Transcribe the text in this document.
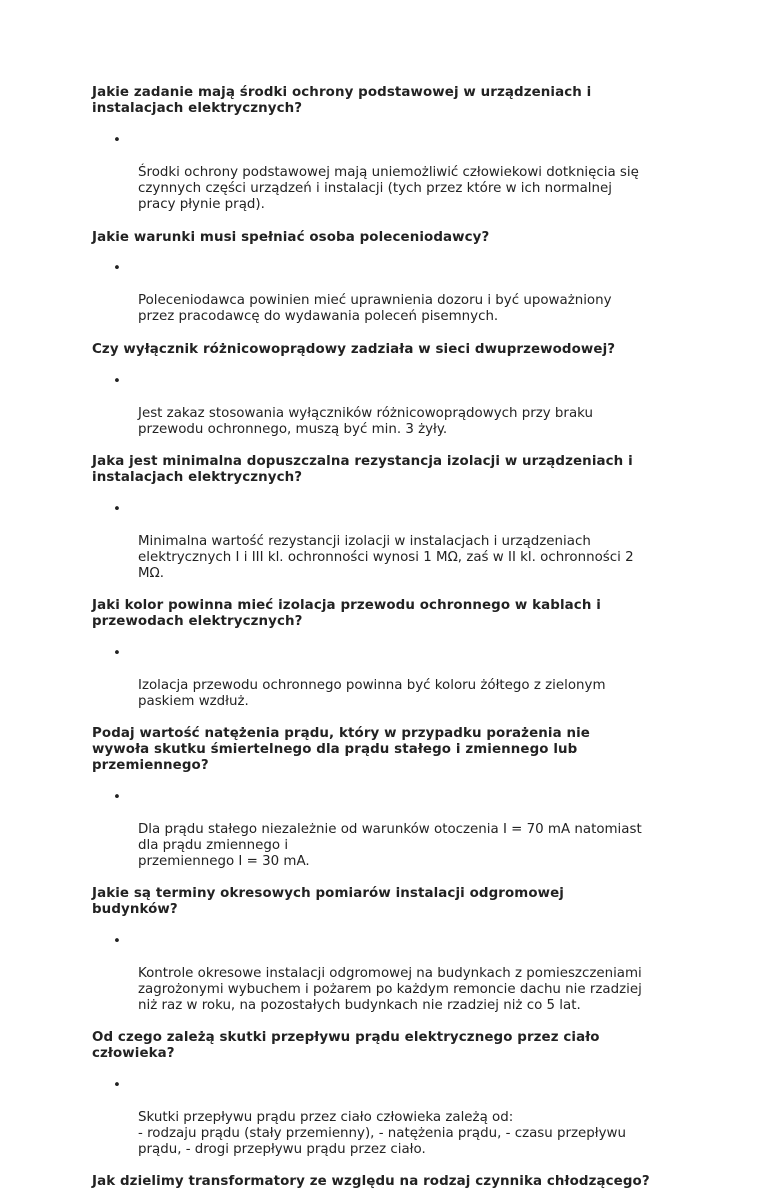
Jakie zadanie mają środki ochrony podstawowej w urządzeniach i
instalacjach elektrycznych?

•

Środki ochrony podstawowej mają uniemożliwić człowiekowi dotknięcia się
czynnych części urządzeń i instalacji (tych przez które w ich normalnej
pracy płynie prąd).

Jakie warunki musi spełniać osoba poleceniodawcy?

•

Poleceniodawca powinien mieć uprawnienia dozoru i być upoważniony
przez pracodawcę do wydawania poleceń pisemnych.

Czy wyłącznik różnicowoprądowy zadziała w sieci dwuprzewodowej?

•

Jest zakaz stosowania wyłączników różnicowoprądowych przy braku
przewodu ochronnego, muszą być min. 3 żyły.

Jaka jest minimalna dopuszczalna rezystancja izolacji w urządzeniach i
instalacjach elektrycznych?

•

Minimalna wartość rezystancji izolacji w instalacjach i urządzeniach
elektrycznych I i III kl. ochronności wynosi 1 MΩ, zaś w II kl. ochronności 2
MΩ.

Jaki kolor powinna mieć izolacja przewodu ochronnego w kablach i
przewodach elektrycznych?

•

Izolacja przewodu ochronnego powinna być koloru żółtego z zielonym
paskiem wzdłuż.

Podaj wartość natężenia prądu, który w przypadku porażenia nie
wywoła skutku śmiertelnego dla prądu stałego i zmiennego lub
przemiennego?

•

Dla prądu stałego niezależnie od warunków otoczenia I = 70 mA natomiast
dla prądu zmiennego i
przemiennego I = 30 mA.

Jakie są terminy okresowych pomiarów instalacji odgromowej
budynków?

•

Kontrole okresowe instalacji odgromowej na budynkach z pomieszczeniami
zagrożonymi wybuchem i pożarem po każdym remoncie dachu nie rzadziej
niż raz w roku, na pozostałych budynkach nie rzadziej niż co 5 lat.

Od czego zależą skutki przepływu prądu elektrycznego przez ciało
człowieka?

•

Skutki przepływu prądu przez ciało człowieka zależą od:
- rodzaju prądu (stały przemienny), - natężenia prądu, - czasu przepływu
prądu, - drogi przepływu prądu przez ciało.

Jak dzielimy transformatory ze względu na rodzaj czynnika chłodzącego?
